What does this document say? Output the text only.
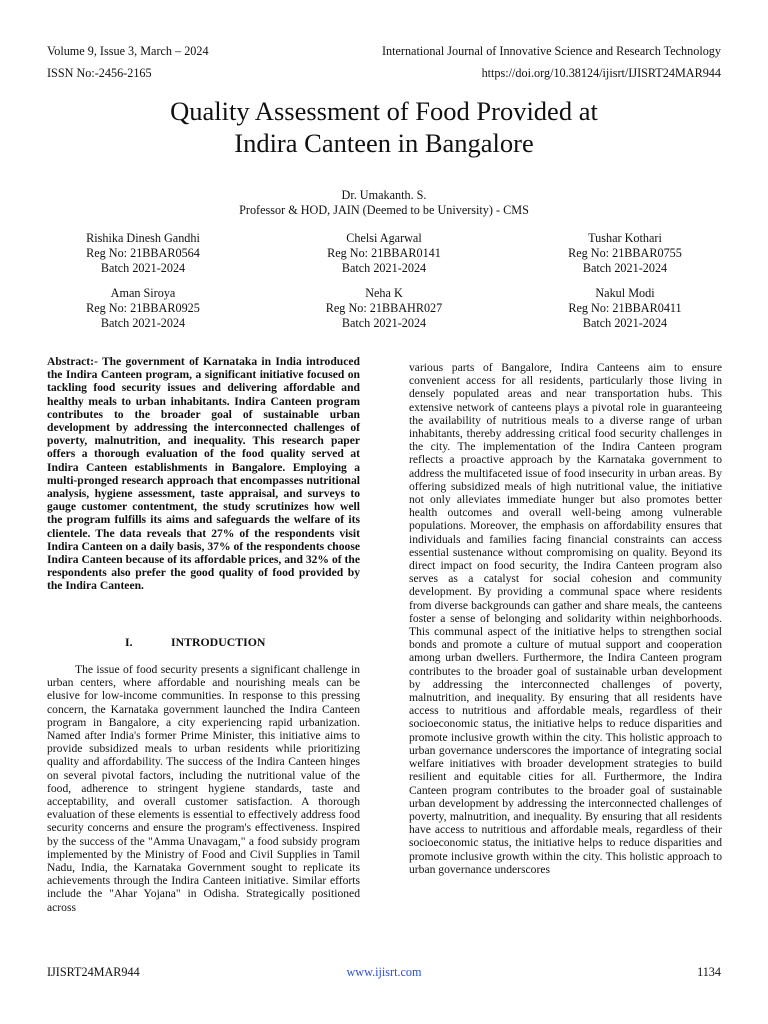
Volume 9, Issue 3, March – 2024	International Journal of Innovative Science and Research Technology
ISSN No:-2456-2165	https://doi.org/10.38124/ijisrt/IJISRT24MAR944
Quality Assessment of Food Provided at
Indira Canteen in Bangalore
Dr. Umakanth. S.
Professor & HOD, JAIN (Deemed to be University) - CMS
Rishika Dinesh Gandhi
Reg No: 21BBAR0564
Batch 2021-2024
Chelsi Agarwal
Reg No: 21BBAR0141
Batch 2021-2024
Tushar Kothari
Reg No: 21BBAR0755
Batch 2021-2024
Aman Siroya
Reg No: 21BBAR0925
Batch 2021-2024
Neha K
Reg No: 21BBAHR027
Batch 2021-2024
Nakul Modi
Reg No: 21BBAR0411
Batch 2021-2024
Abstract:- The government of Karnataka in India introduced the Indira Canteen program, a significant initiative focused on tackling food security issues and delivering affordable and healthy meals to urban inhabitants. Indira Canteen program contributes to the broader goal of sustainable urban development by addressing the interconnected challenges of poverty, malnutrition, and inequality. This research paper offers a thorough evaluation of the food quality served at Indira Canteen establishments in Bangalore. Employing a multi-pronged research approach that encompasses nutritional analysis, hygiene assessment, taste appraisal, and surveys to gauge customer contentment, the study scrutinizes how well the program fulfills its aims and safeguards the welfare of its clientele. The data reveals that 27% of the respondents visit Indira Canteen on a daily basis, 37% of the respondents choose Indira Canteen because of its affordable prices, and 32% of the respondents also prefer the good quality of food provided by the Indira Canteen.
I.	INTRODUCTION
The issue of food security presents a significant challenge in urban centers, where affordable and nourishing meals can be elusive for low-income communities. In response to this pressing concern, the Karnataka government launched the Indira Canteen program in Bangalore, a city experiencing rapid urbanization. Named after India's former Prime Minister, this initiative aims to provide subsidized meals to urban residents while prioritizing quality and affordability. The success of the Indira Canteen hinges on several pivotal factors, including the nutritional value of the food, adherence to stringent hygiene standards, taste and acceptability, and overall customer satisfaction. A thorough evaluation of these elements is essential to effectively address food security concerns and ensure the program's effectiveness. Inspired by the success of the "Amma Unavagam," a food subsidy program implemented by the Ministry of Food and Civil Supplies in Tamil Nadu, India, the Karnataka Government sought to replicate its achievements through the Indira Canteen initiative. Similar efforts include the "Ahar Yojana" in Odisha. Strategically positioned across
various parts of Bangalore, Indira Canteens aim to ensure convenient access for all residents, particularly those living in densely populated areas and near transportation hubs. This extensive network of canteens plays a pivotal role in guaranteeing the availability of nutritious meals to a diverse range of urban inhabitants, thereby addressing critical food security challenges in the city. The implementation of the Indira Canteen program reflects a proactive approach by the Karnataka government to address the multifaceted issue of food insecurity in urban areas. By offering subsidized meals of high nutritional value, the initiative not only alleviates immediate hunger but also promotes better health outcomes and overall well-being among vulnerable populations. Moreover, the emphasis on affordability ensures that individuals and families facing financial constraints can access essential sustenance without compromising on quality. Beyond its direct impact on food security, the Indira Canteen program also serves as a catalyst for social cohesion and community development. By providing a communal space where residents from diverse backgrounds can gather and share meals, the canteens foster a sense of belonging and solidarity within neighborhoods. This communal aspect of the initiative helps to strengthen social bonds and promote a culture of mutual support and cooperation among urban dwellers. Furthermore, the Indira Canteen program contributes to the broader goal of sustainable urban development by addressing the interconnected challenges of poverty, malnutrition, and inequality. By ensuring that all residents have access to nutritious and affordable meals, regardless of their socioeconomic status, the initiative helps to reduce disparities and promote inclusive growth within the city. This holistic approach to urban governance underscores the importance of integrating social welfare initiatives with broader development strategies to build resilient and equitable cities for all. Furthermore, the Indira Canteen program contributes to the broader goal of sustainable urban development by addressing the interconnected challenges of poverty, malnutrition, and inequality. By ensuring that all residents have access to nutritious and affordable meals, regardless of their socioeconomic status, the initiative helps to reduce disparities and promote inclusive growth within the city. This holistic approach to urban governance underscores
IJISRT24MAR944	www.ijisrt.com	1134
